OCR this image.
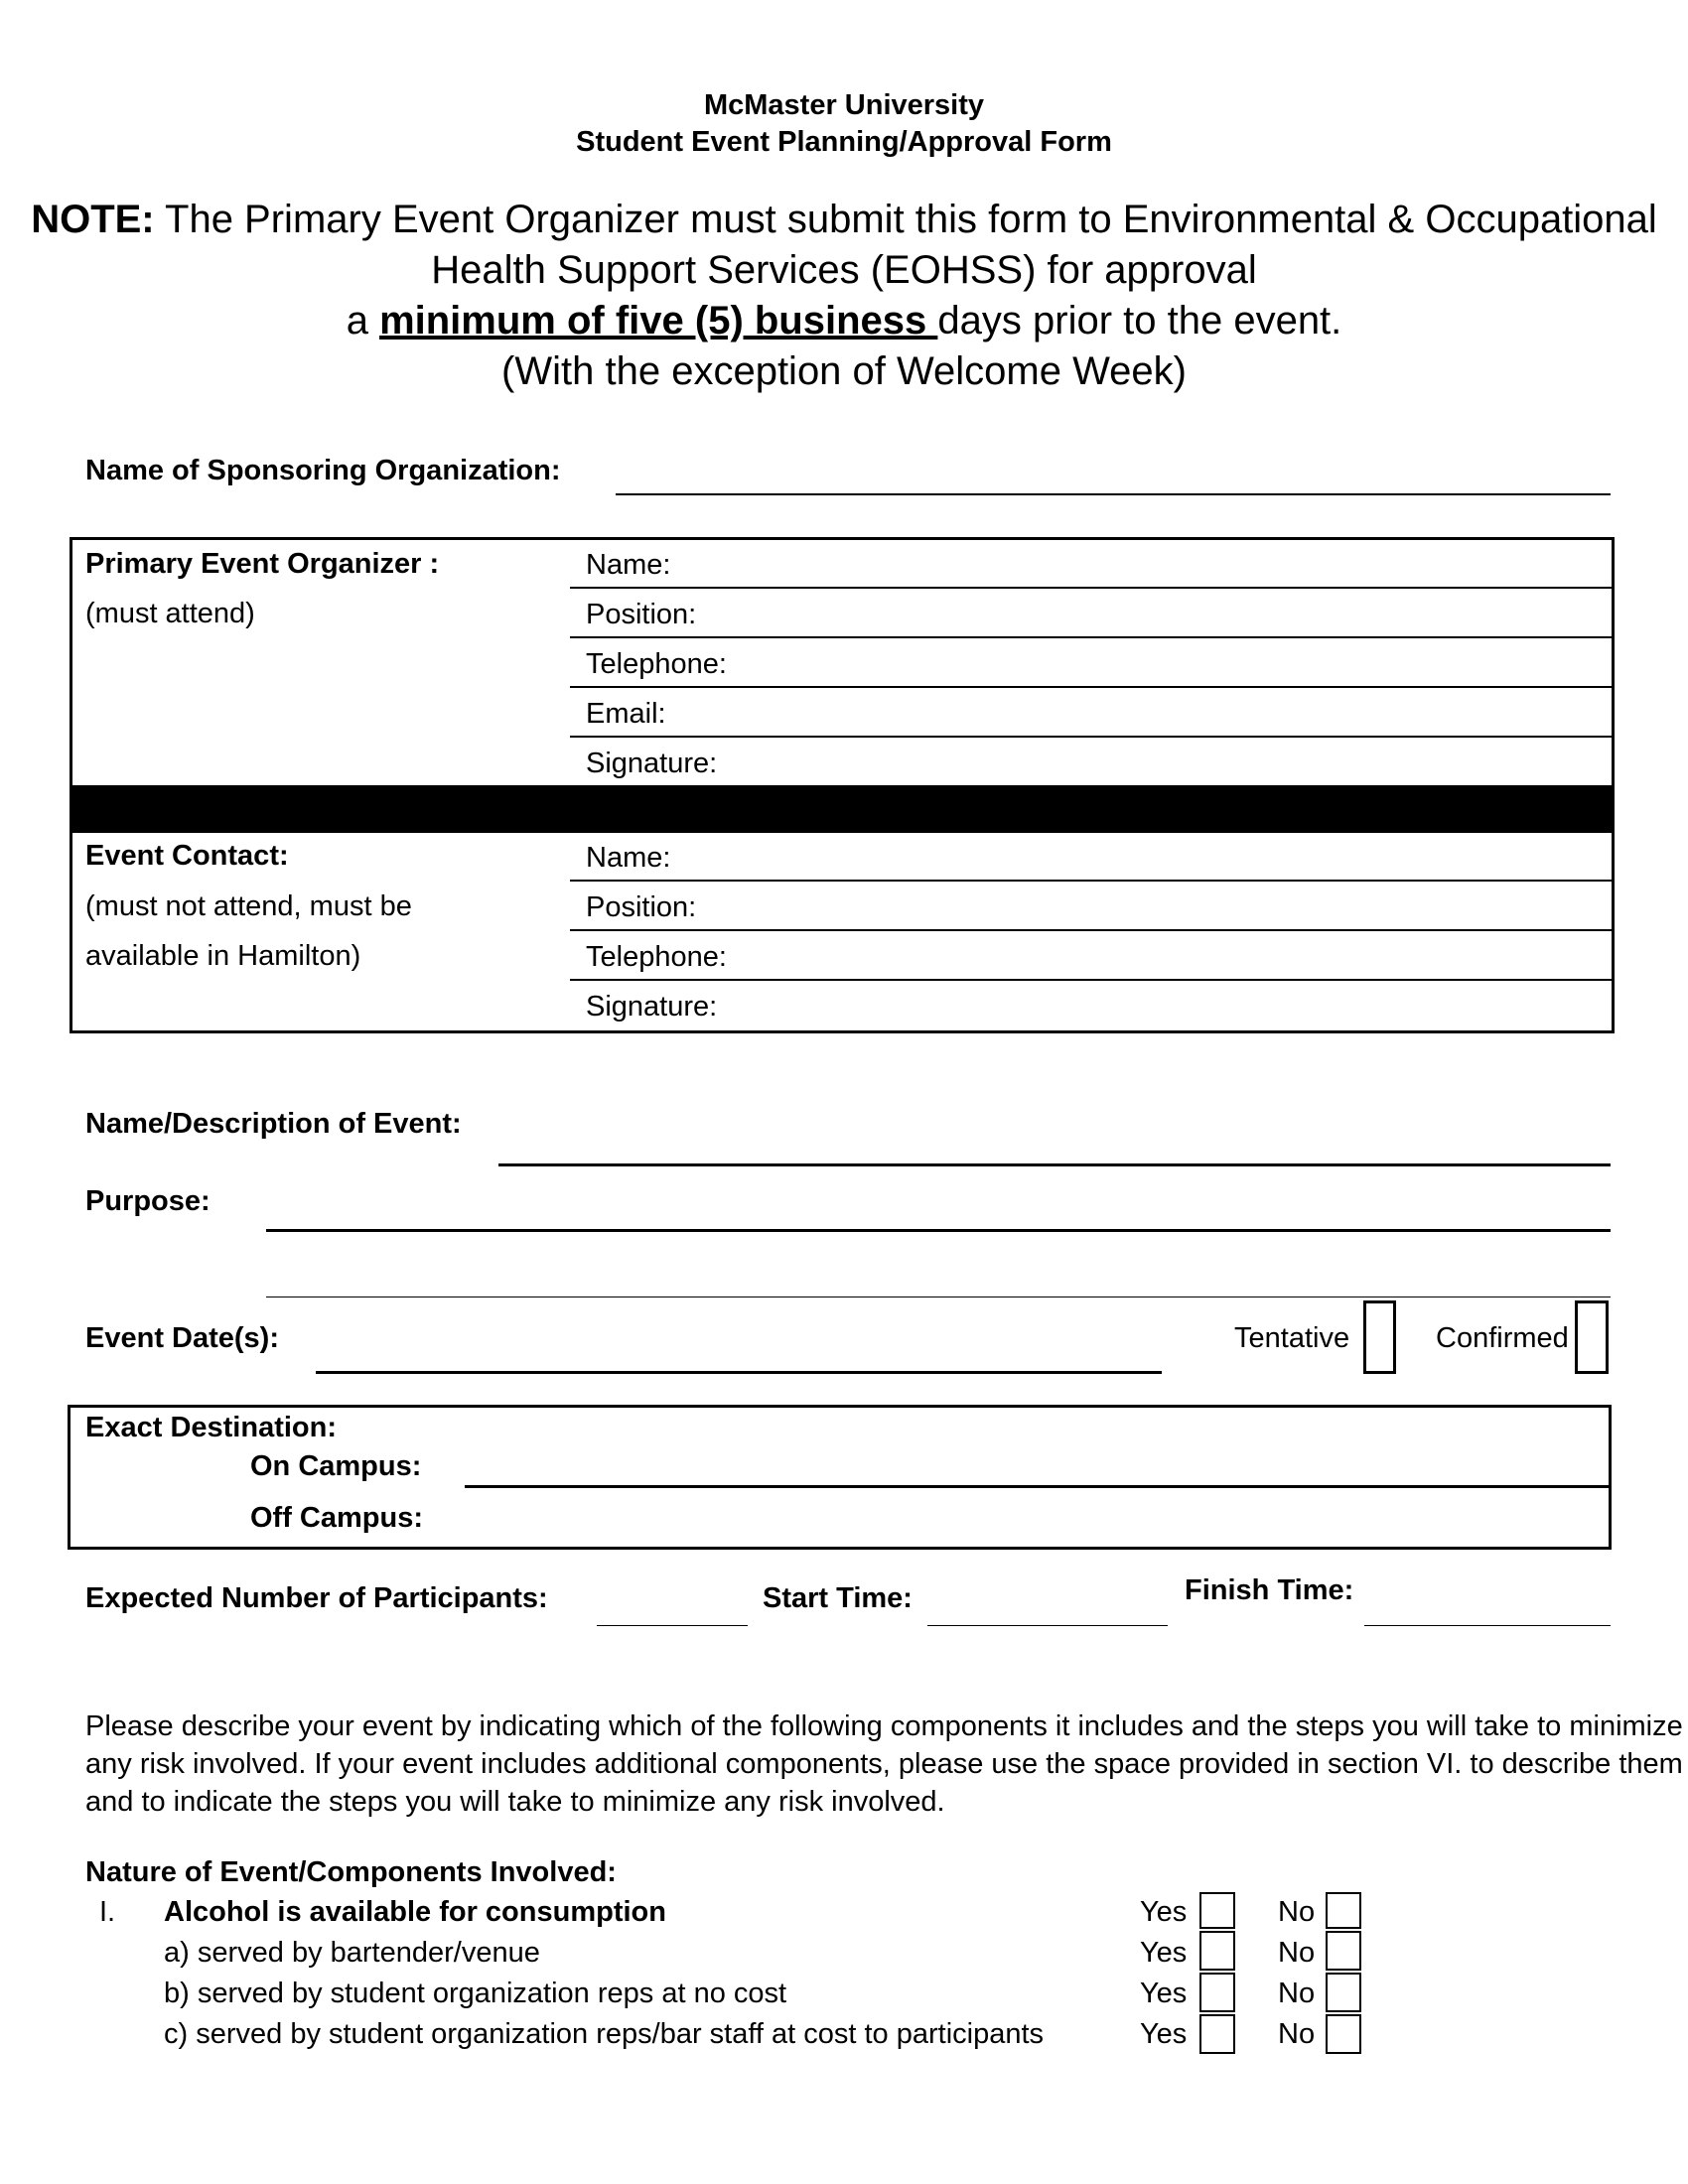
McMaster University
Student Event Planning/Approval Form
NOTE: The Primary Event Organizer must submit this form to Environmental & Occupational
Health Support Services (EOHSS) for approval
a minimum of five (5) business days prior to the event.
(With the exception of Welcome Week)
Name of Sponsoring Organization:
Primary Event Organizer :
(must attend)
Name:
Position:
Telephone:
Email:
Signature:
Event Contact:
(must not attend, must be
available in Hamilton)
Name:
Position:
Telephone:
Signature:
Name/Description of Event:
Purpose:
Event Date(s):	Tentative	Confirmed
Exact Destination:
On Campus:
Off Campus:
Expected Number of Participants:	Start Time:	Finish Time:
Please describe your event by indicating which of the following components it includes and the steps you will take to minimize
any risk involved. If your event includes additional components, please use the space provided in section VI. to describe them
and to indicate the steps you will take to minimize any risk involved.
Nature of Event/Components Involved:
I. Alcohol is available for consumption	Yes	No
a) served by bartender/venue	Yes	No
b) served by student organization reps at no cost	Yes	No
c) served by student organization reps/bar staff at cost to participants	Yes	No
